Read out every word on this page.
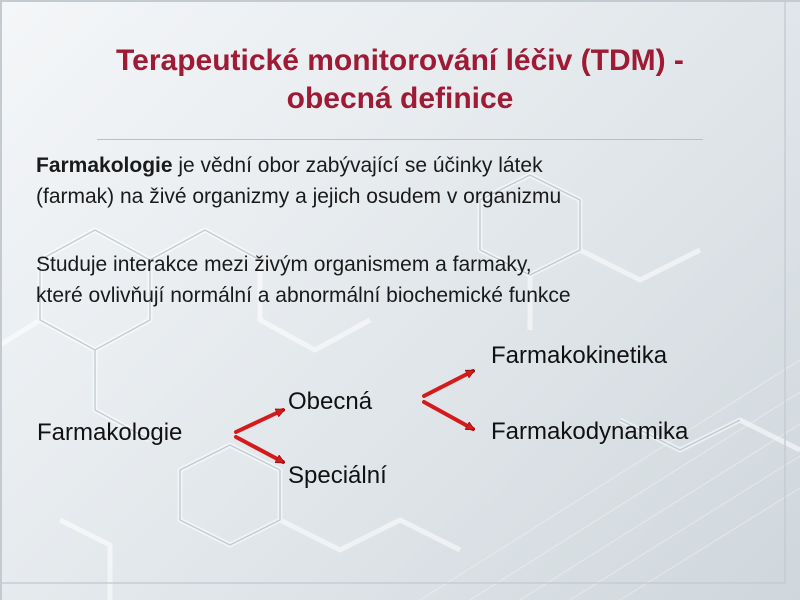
Terapeutické monitorování léčiv (TDM) -
obecná definice

Farmakologie je vědní obor zabývající se účinky látek
(farmak) na živé organizmy a jejich osudem v organizmu

Studuje interakce mezi živým organismem a farmaky,
které ovlivňují normální a abnormální biochemické funkce

Farmakologie
Obecná
Speciální
Farmakokinetika
Farmakodynamika
